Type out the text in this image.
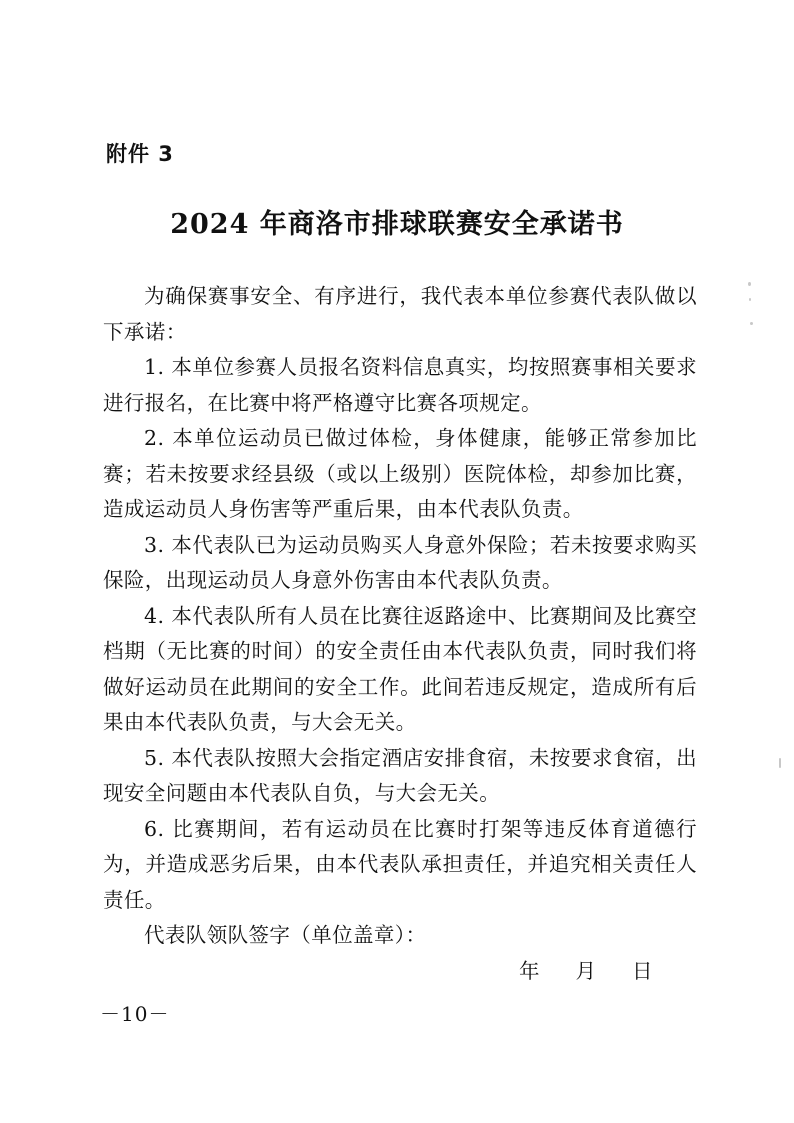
附件 3
2024 年商洛市排球联赛安全承诺书

为确保赛事安全、有序进行，我代表本单位参赛代表队做以下承诺：

1. 本单位参赛人员报名资料信息真实，均按照赛事相关要求进行报名，在比赛中将严格遵守比赛各项规定。

2. 本单位运动员已做过体检，身体健康，能够正常参加比赛；若未按要求经县级（或以上级别）医院体检，却参加比赛，造成运动员人身伤害等严重后果，由本代表队负责。

3. 本代表队已为运动员购买人身意外保险；若未按要求购买保险，出现运动员人身意外伤害由本代表队负责。

4. 本代表队所有人员在比赛往返路途中、比赛期间及比赛空档期（无比赛的时间）的安全责任由本代表队负责，同时我们将做好运动员在此期间的安全工作。此间若违反规定，造成所有后果由本代表队负责，与大会无关。

5. 本代表队按照大会指定酒店安排食宿，未按要求食宿，出现安全问题由本代表队自负，与大会无关。

6. 比赛期间，若有运动员在比赛时打架等违反体育道德行为，并造成恶劣后果，由本代表队承担责任，并追究相关责任人责任。

代表队领队签字（单位盖章）：
年 月 日
－10－
